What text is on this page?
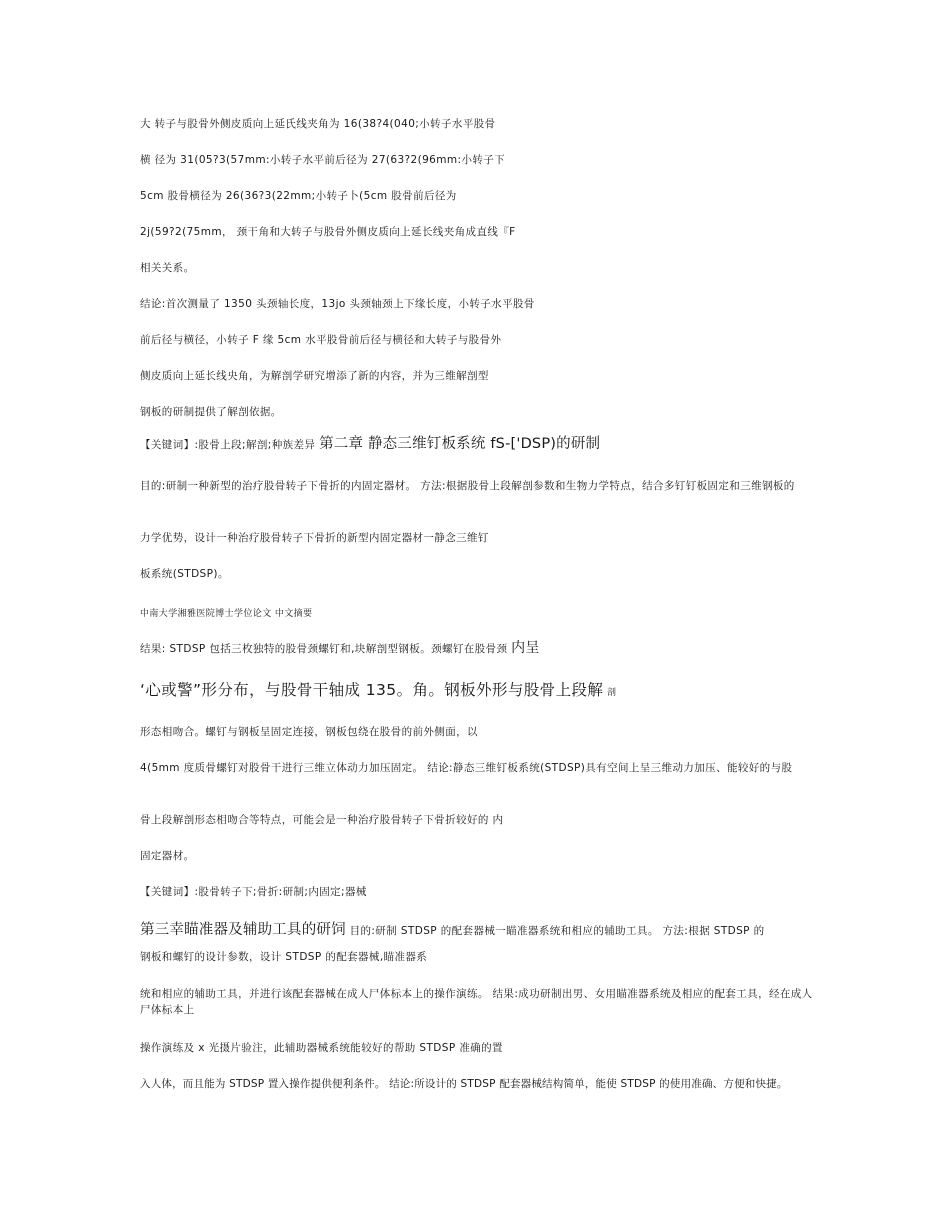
大 转子与股骨外侧皮质向上延氏线夹角为 16(38?4(040;小转子水平股骨
横 径为 31(05?3(57mm:小转子水平前后径为 27(63?2(96mm:小转子下
5cm 股骨横径为 26(36?3(22mm;小转子卜(5cm 股骨前后径为
2j(59?2(75mm， 颈干角和大转子与股骨外侧皮质向上延长线夹角成直线『F
相关关系。
结论:首次测量了 1350 头颈轴长度，13jo 头颈轴颈上下缘长度，小转子水平股骨
前后径与横径，小转子 F 缘 5cm 水平股骨前后径与横径和大转子与股骨外
侧皮质向上延长线央角，为解剖学研究增添了新的内容，并为三维解剖型
钢板的研制提供了解剖依据。
【关键词】:股骨上段;解剖;种族差异 第二章 静态三维钉板系统 fS-['DSP)的研制
目的:研制一种新型的治疗股骨转子下骨折的内固定器材。 方法:根据股骨上段解剖参数和生物力学特点，结合多钉钉板固定和三维钢板的
力学优势，设计一种治疗股骨转子下骨折的新型内固定器材一静念三维钉
板系统(STDSP)。
中南大学湘雅医院博士学位论文 中文摘要
结果: STDSP 包括三枚独特的股骨颈螺钉和,块解剖型钢板。颈螺钉在股骨颈 内呈
‘心或警”形分布，与股骨干轴成 135。角。钢板外形与股骨上段解 剖
形态相吻合。螺钉与钢板呈固定连接，钢板包绕在股骨的前外侧面，以
4(5mm 度质骨螺钉对股骨干进行三维立体动力加压固定。 结论:静态三维钉板系统(STDSP)具有空间上呈三维动力加压、能较好的与股
骨上段解剖形态相吻合等特点，可能会是一种治疗股骨转子下骨折较好的 内
固定器材。
【关键词】:股骨转子下;骨折:研制;内固定;器械
第三幸瞄准器及辅助工具的研饲 目的:研制 STDSP 的配套器械一瞄准器系统和相应的辅助工具。 方法:根据 STDSP 的
钢板和螺钉的设计参数，设计 STDSP 的配套器械,瞄准器系
统和相应的辅助工具，并进行该配套器械在成人尸体标本上的操作演练。 结果:成功研制出男、女用瞄准器系统及相应的配套工具，经在成人尸体标本上
操作演练及 x 光摄片验注，此辅助器械系统能较好的帮助 STDSP 准确的置
入人体，而且能为 STDSP 置入操作提供便利条件。 结论:所设计的 STDSP 配套器械结构简单，能使 STDSP 的使用准确、方便和快捷。
